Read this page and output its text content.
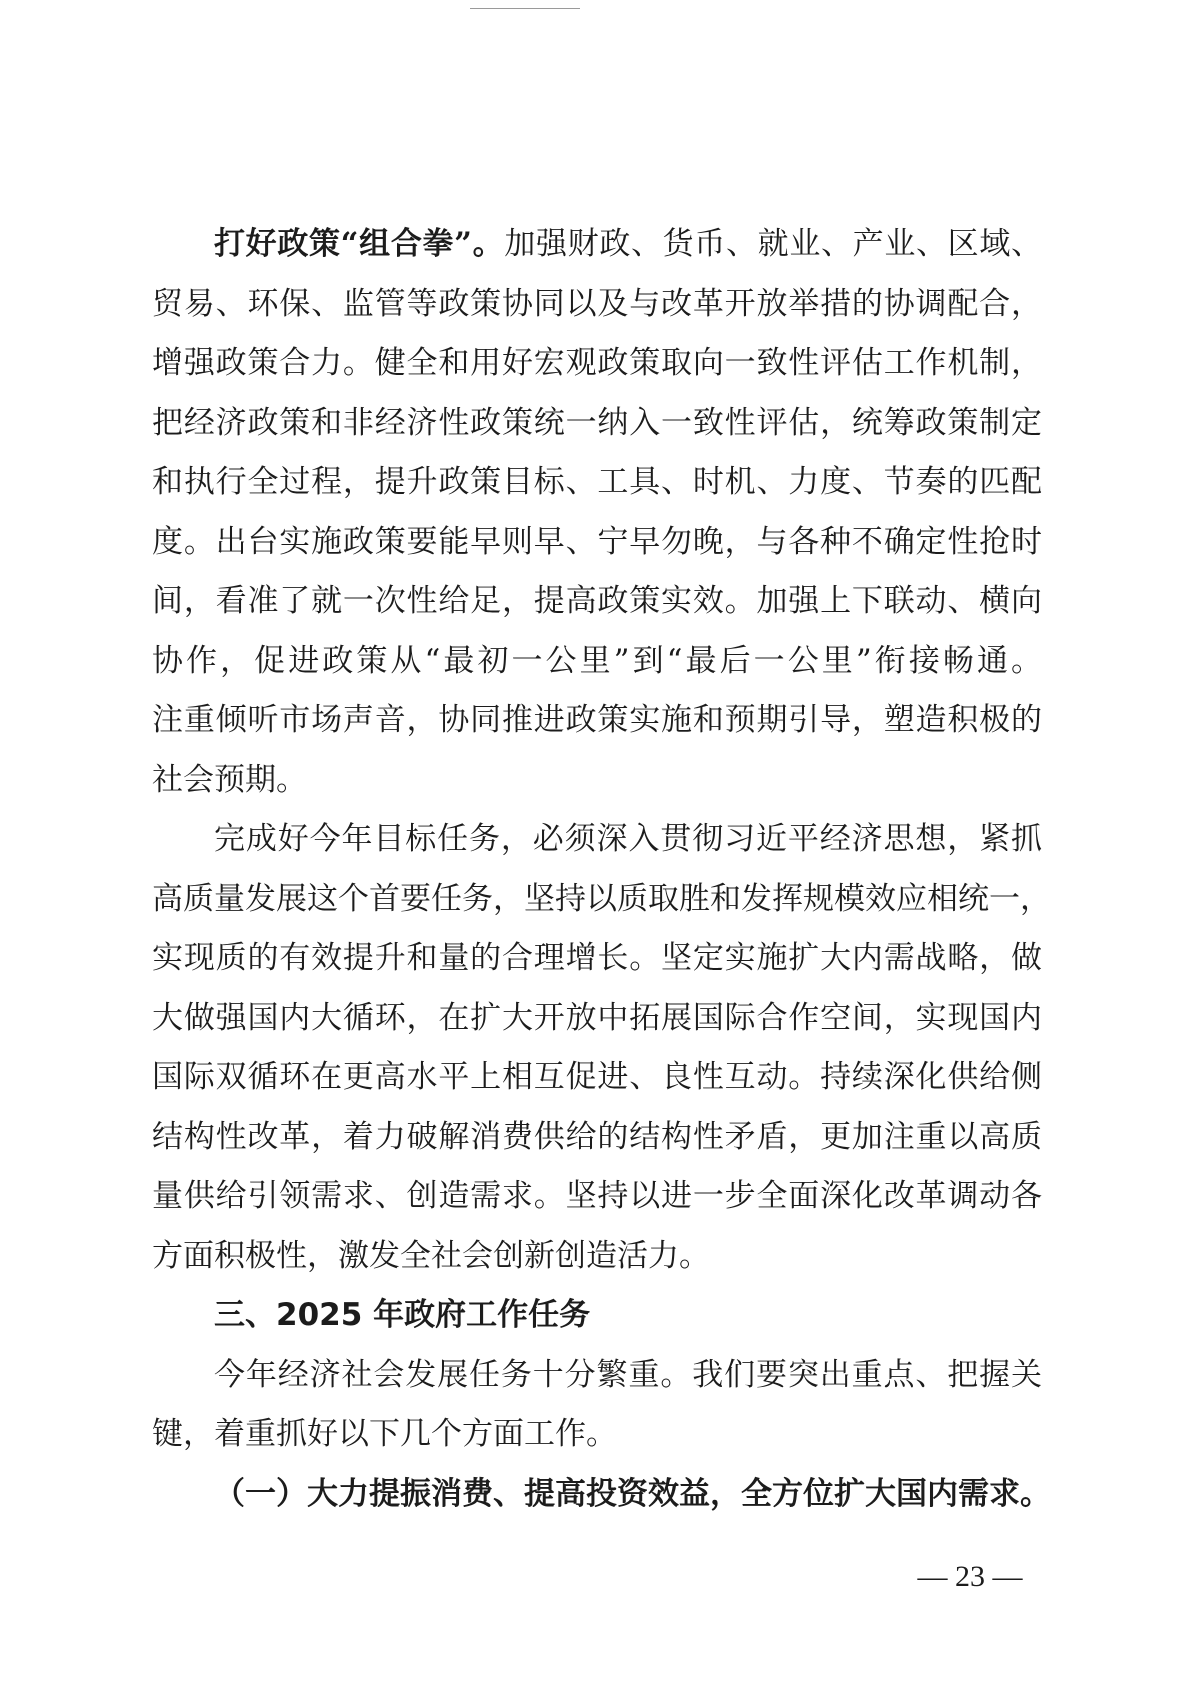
打好政策“组合拳”。加强财政、货币、就业、产业、区域、
贸易、环保、监管等政策协同以及与改革开放举措的协调配合，
增强政策合力。健全和用好宏观政策取向一致性评估工作机制，
把经济政策和非经济性政策统一纳入一致性评估，统筹政策制定
和执行全过程，提升政策目标、工具、时机、力度、节奏的匹配
度。出台实施政策要能早则早、宁早勿晚，与各种不确定性抢时
间，看准了就一次性给足，提高政策实效。加强上下联动、横向
协作，促进政策从“最初一公里”到“最后一公里”衔接畅通。
注重倾听市场声音，协同推进政策实施和预期引导，塑造积极的
社会预期。
完成好今年目标任务，必须深入贯彻习近平经济思想，紧抓
高质量发展这个首要任务，坚持以质取胜和发挥规模效应相统一，
实现质的有效提升和量的合理增长。坚定实施扩大内需战略，做
大做强国内大循环，在扩大开放中拓展国际合作空间，实现国内
国际双循环在更高水平上相互促进、良性互动。持续深化供给侧
结构性改革，着力破解消费供给的结构性矛盾，更加注重以高质
量供给引领需求、创造需求。坚持以进一步全面深化改革调动各
方面积极性，激发全社会创新创造活力。
三、2025 年政府工作任务
今年经济社会发展任务十分繁重。我们要突出重点、把握关
键，着重抓好以下几个方面工作。
（一）大力提振消费、提高投资效益，全方位扩大国内需求。
— 23 —
